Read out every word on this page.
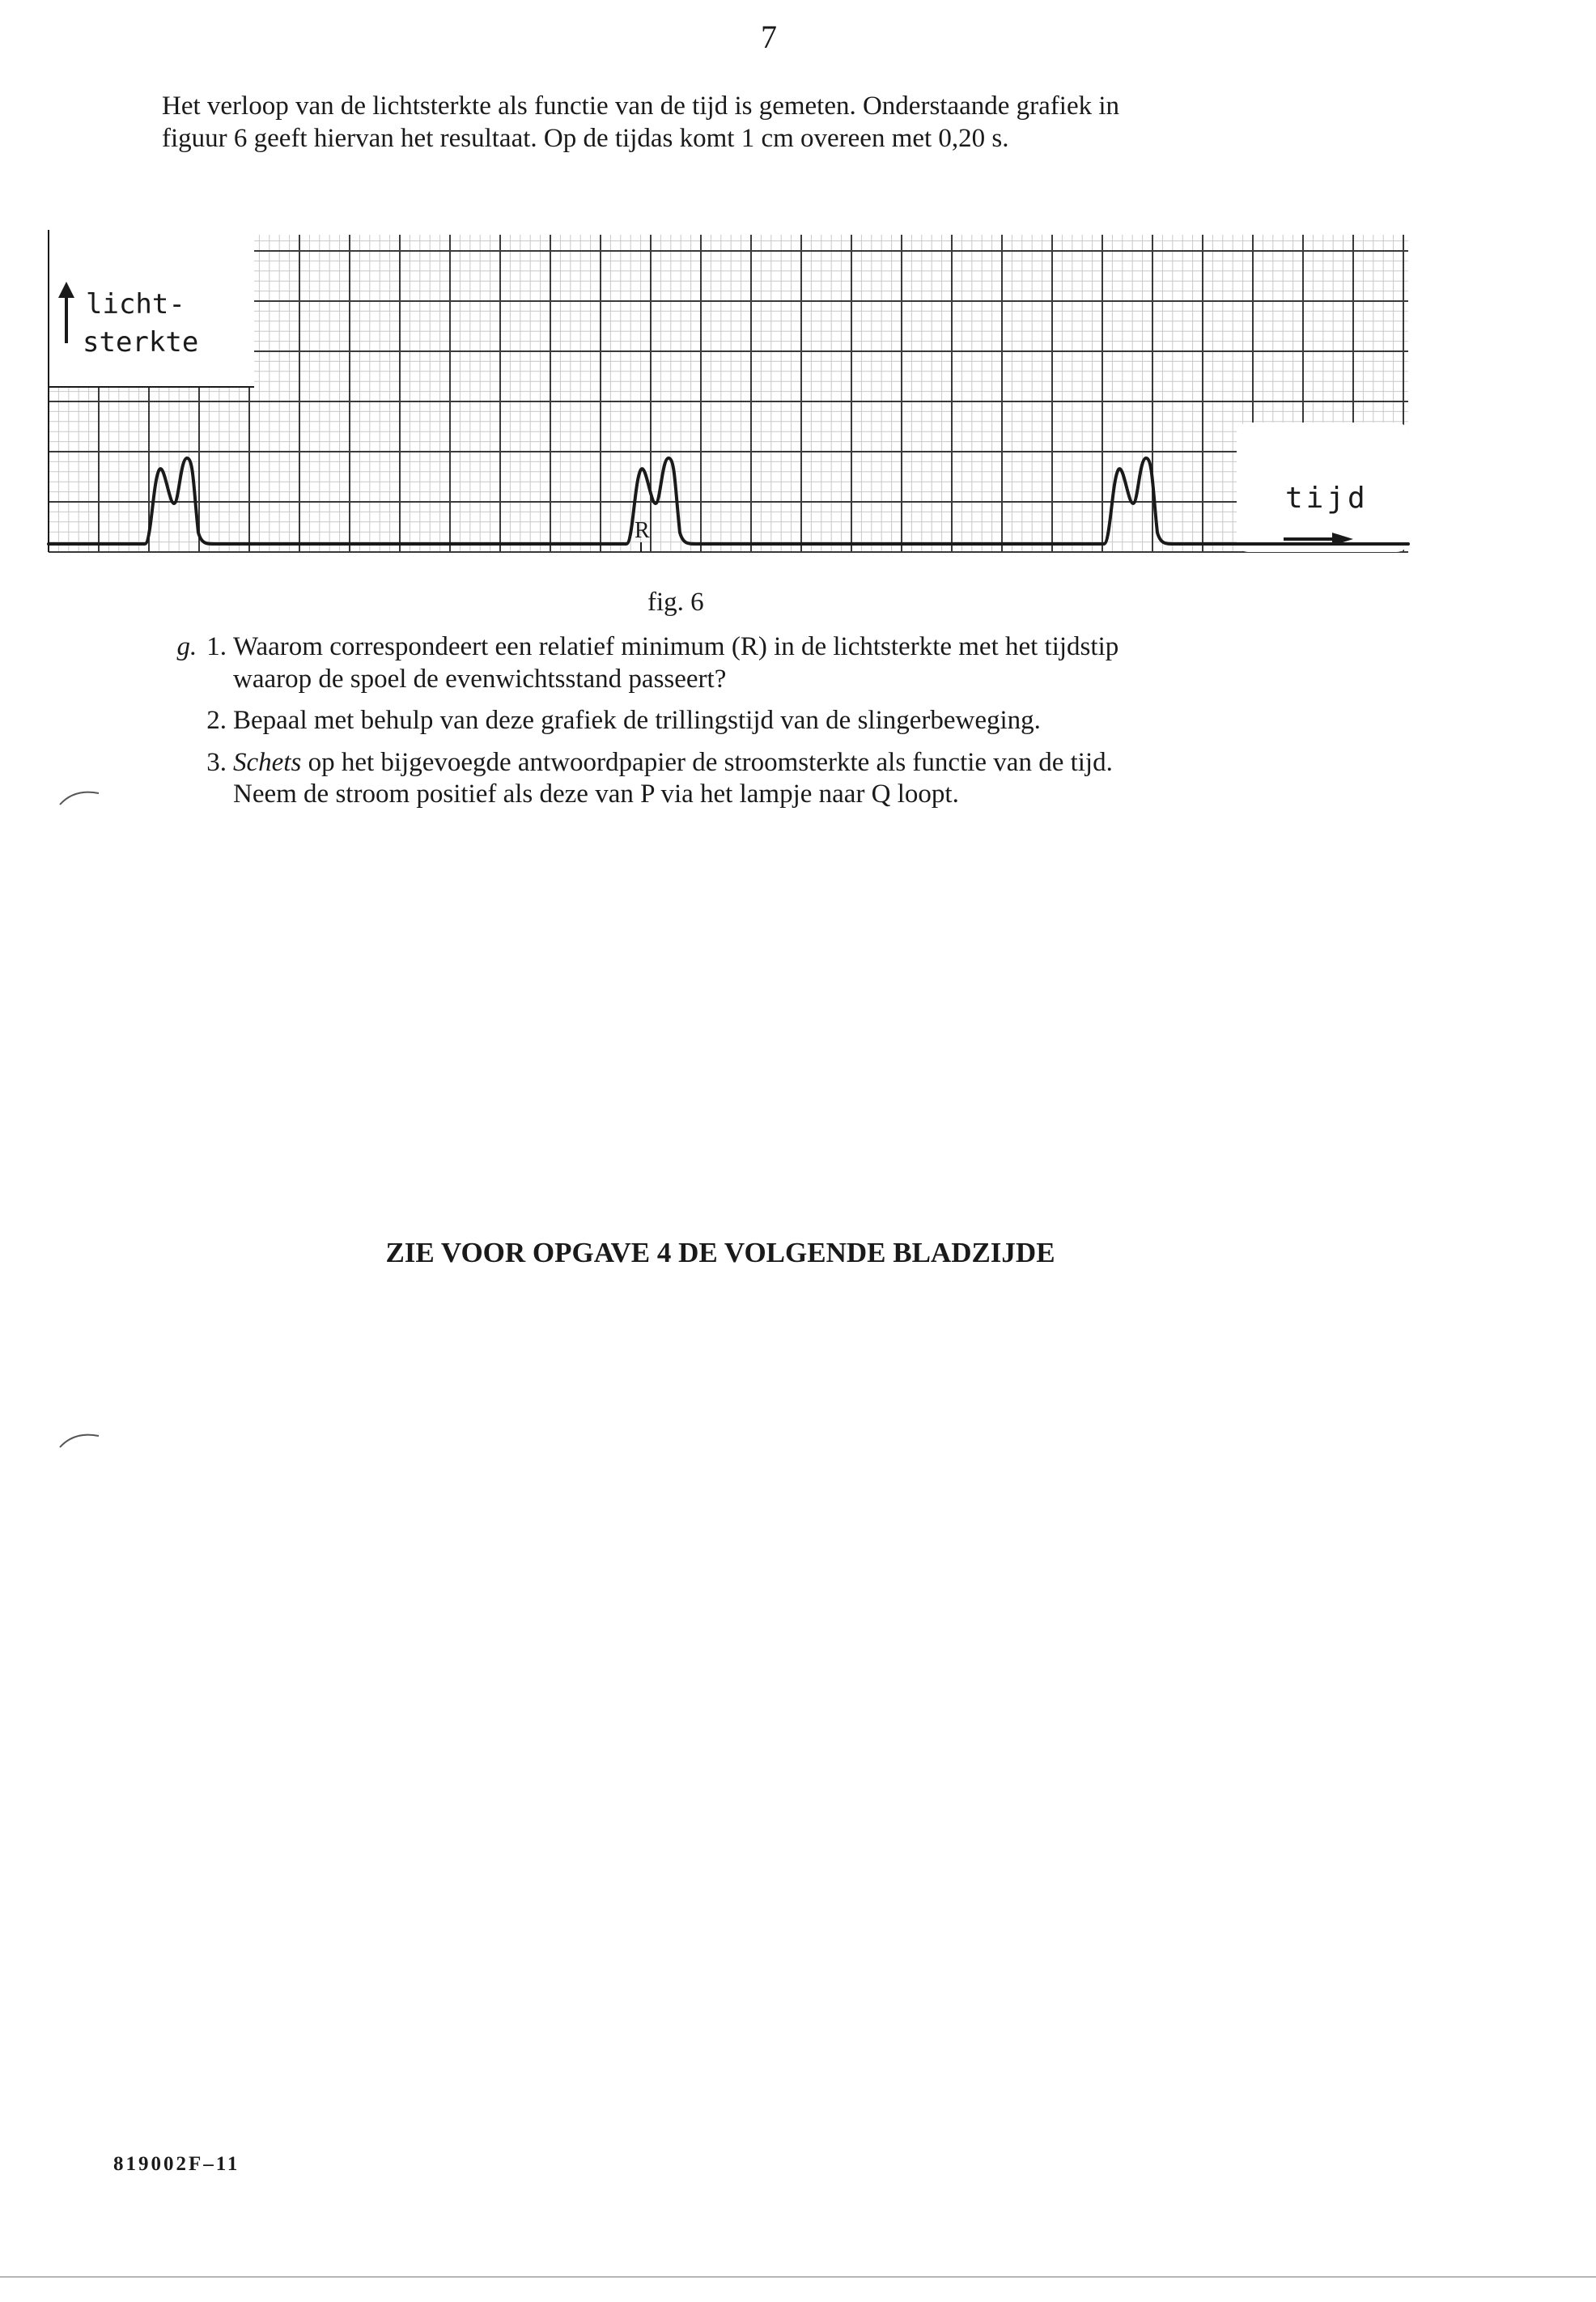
7

Het verloop van de lichtsterkte als functie van de tijd is gemeten. Onderstaande grafiek in

figuur 6 geeft hiervan het resultaat. Op de tijdas komt 1 cm overeen met 0,20 s.

licht-
sterkte
tijd
R
fig. 6
g. 1. Waarom correspondeert een relatief minimum (R) in de lichtsterkte met het tijdstip
waarop de spoel de evenwichtsstand passeert?
2. Bepaal met behulp van deze grafiek de trillingstijd van de slingerbeweging.
3. Schets op het bijgevoegde antwoordpapier de stroomsterkte als functie van de tijd.
Neem de stroom positief als deze van P via het lampje naar Q loopt.
ZIE VOOR OPGAVE 4 DE VOLGENDE BLADZIJDE
819002F–11
